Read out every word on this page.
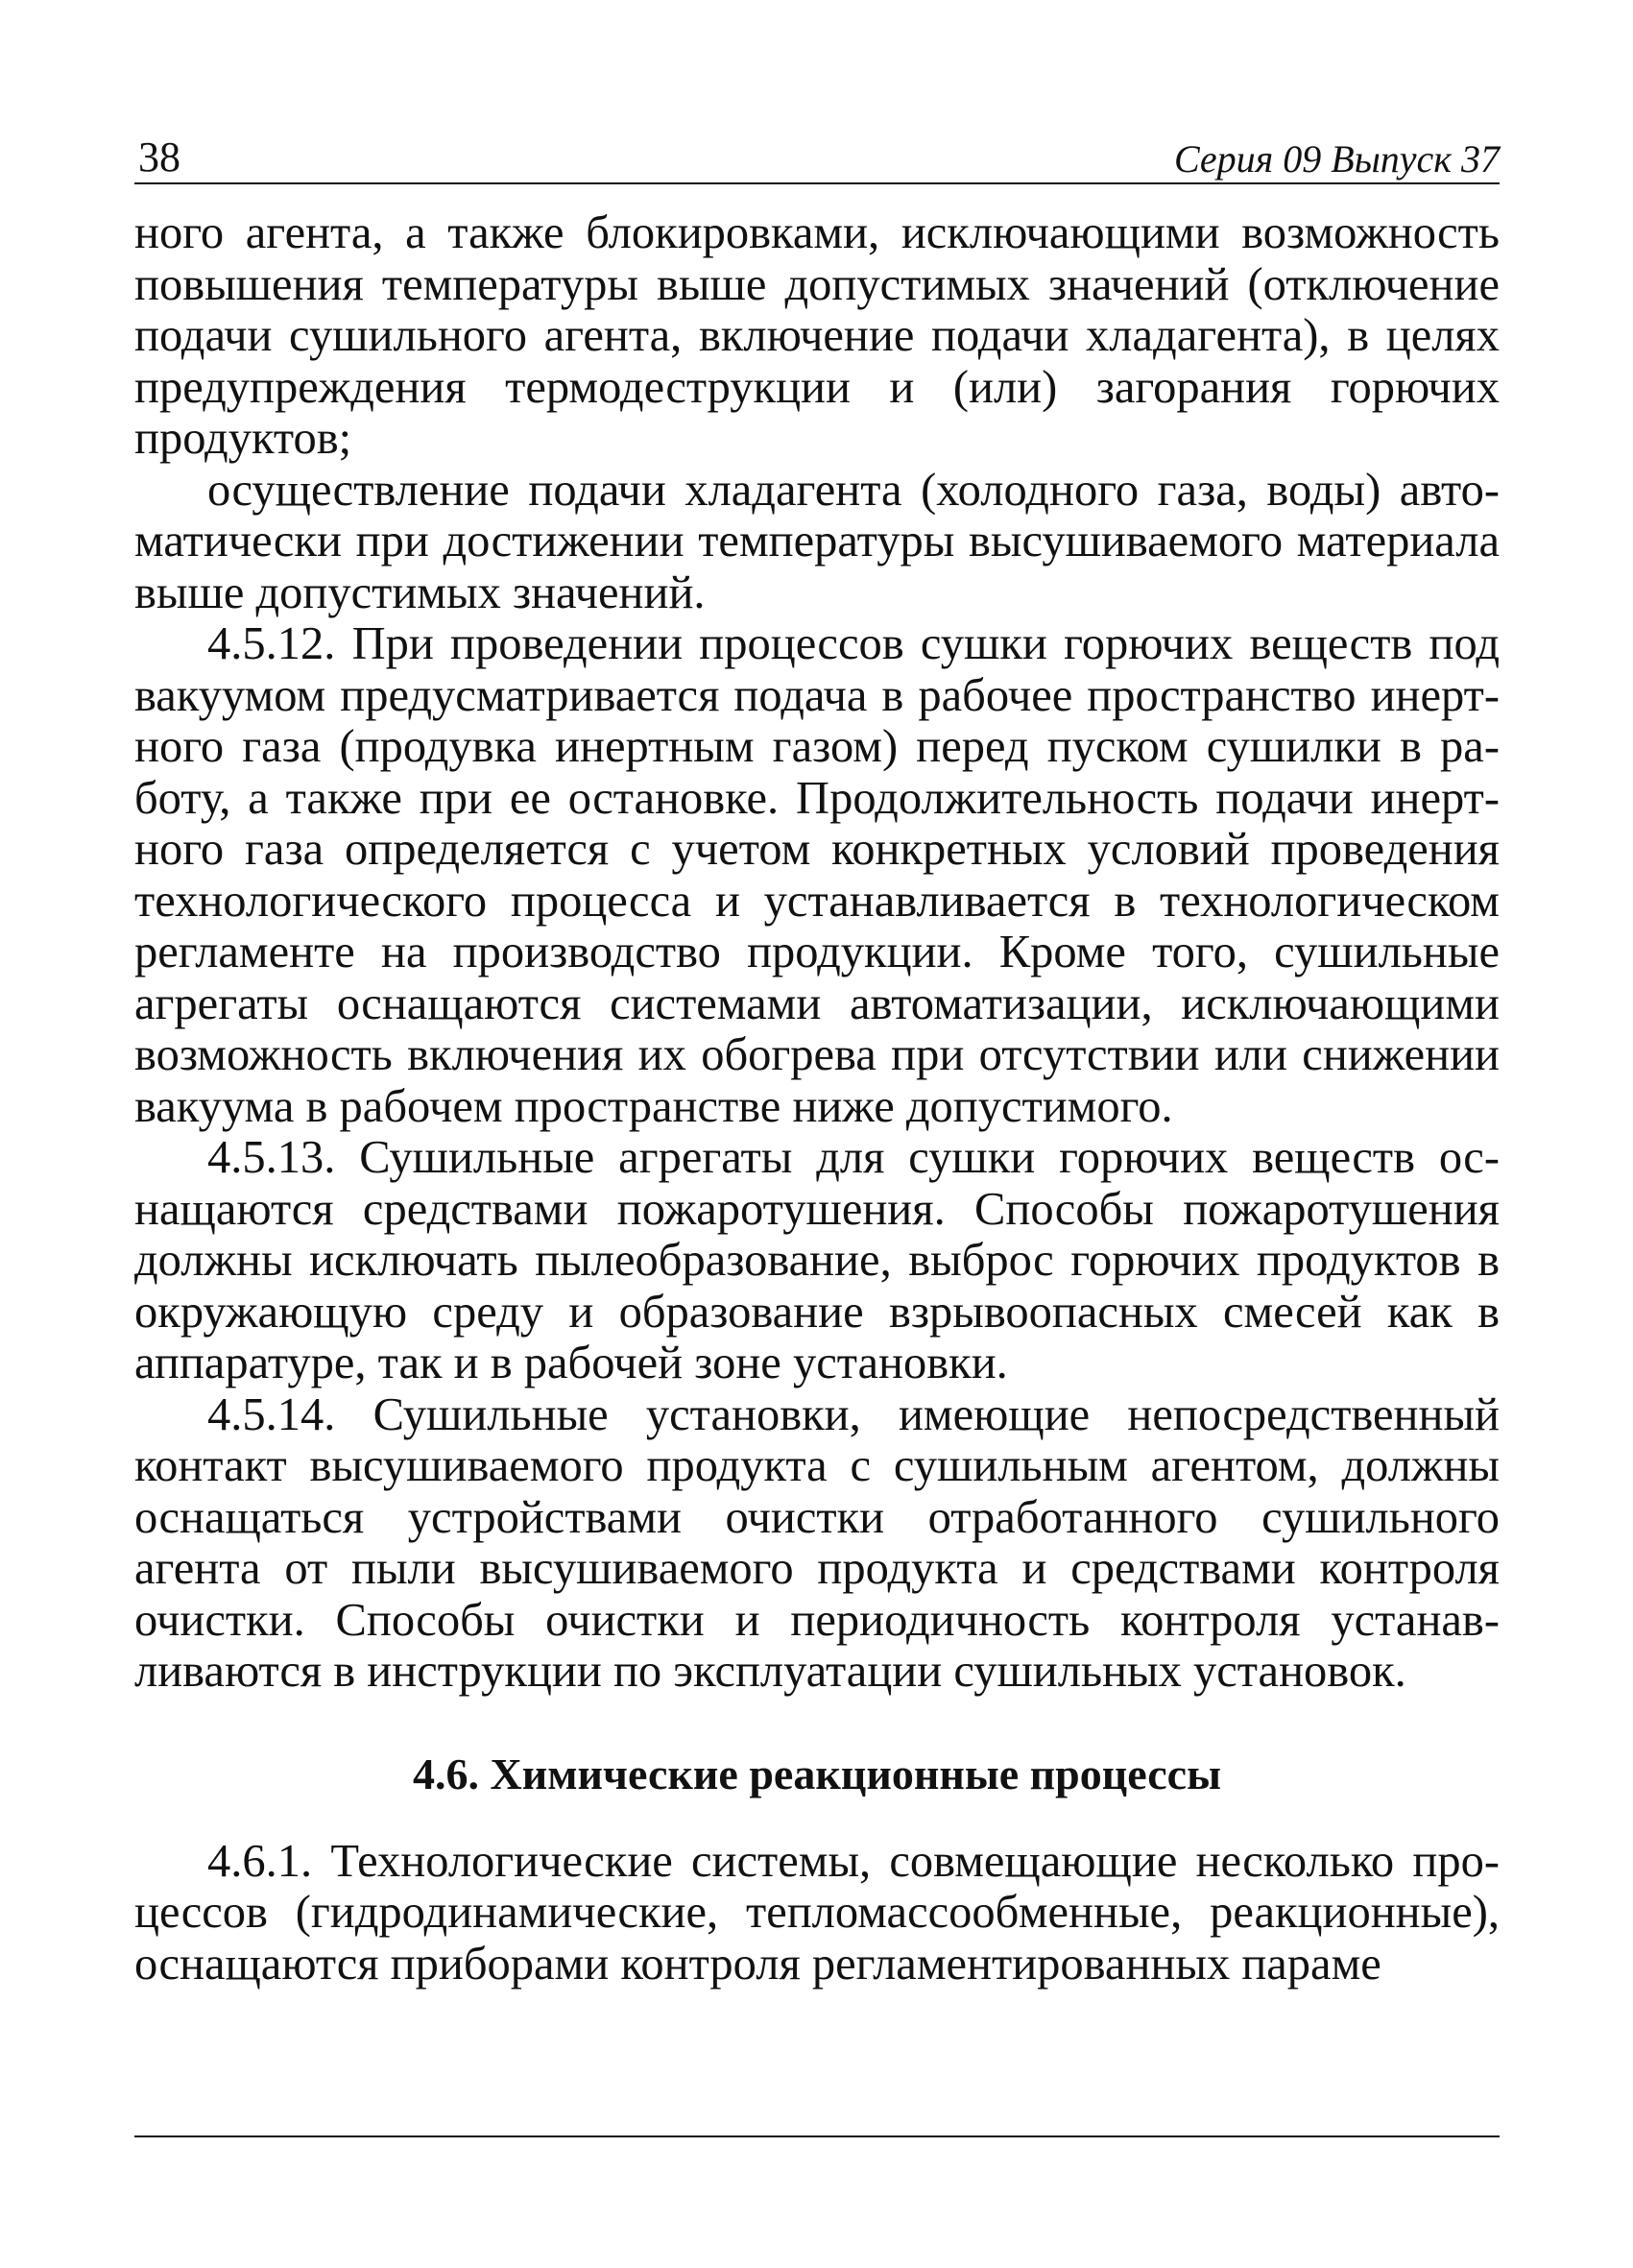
38	Серия 09 Выпуск 37

ного агента, а также блокировками, исключающими возможность повышения температуры выше допустимых значений (отключение подачи сушильного агента, включение подачи хладагента), в целях предупреждения термодеструкции и (или) загорания горючих продуктов;

осуществление подачи хладагента (холодного газа, воды) автоматически при достижении температуры высушиваемого материала выше допустимых значений.

4.5.12. При проведении процессов сушки горючих веществ под вакуумом предусматривается подача в рабочее пространство инертного газа (продувка инертным газом) перед пуском сушилки в работу, а также при ее остановке. Продолжительность подачи инертного газа определяется с учетом конкретных условий проведения технологического процесса и устанавливается в технологическом регламенте на производство продукции. Кроме того, сушильные агрегаты оснащаются системами автоматизации, исключающими возможность включения их обогрева при отсутствии или снижении вакуума в рабочем пространстве ниже допустимого.

4.5.13. Сушильные агрегаты для сушки горючих веществ оснащаются средствами пожаротушения. Способы пожаротушения должны исключать пылеобразование, выброс горючих продуктов в окружающую среду и образование взрывоопасных смесей как в аппаратуре, так и в рабочей зоне установки.

4.5.14. Сушильные установки, имеющие непосредственный контакт высушиваемого продукта с сушильным агентом, должны оснащаться устройствами очистки отработанного сушильного агента от пыли высушиваемого продукта и средствами контроля очистки. Способы очистки и периодичность контроля устанавливаются в инструкции по эксплуатации сушильных установок.

4.6. Химические реакционные процессы

4.6.1. Технологические системы, совмещающие несколько процессов (гидродинамические, тепломассообменные, реакционные), оснащаются приборами контроля регламентированных параме
